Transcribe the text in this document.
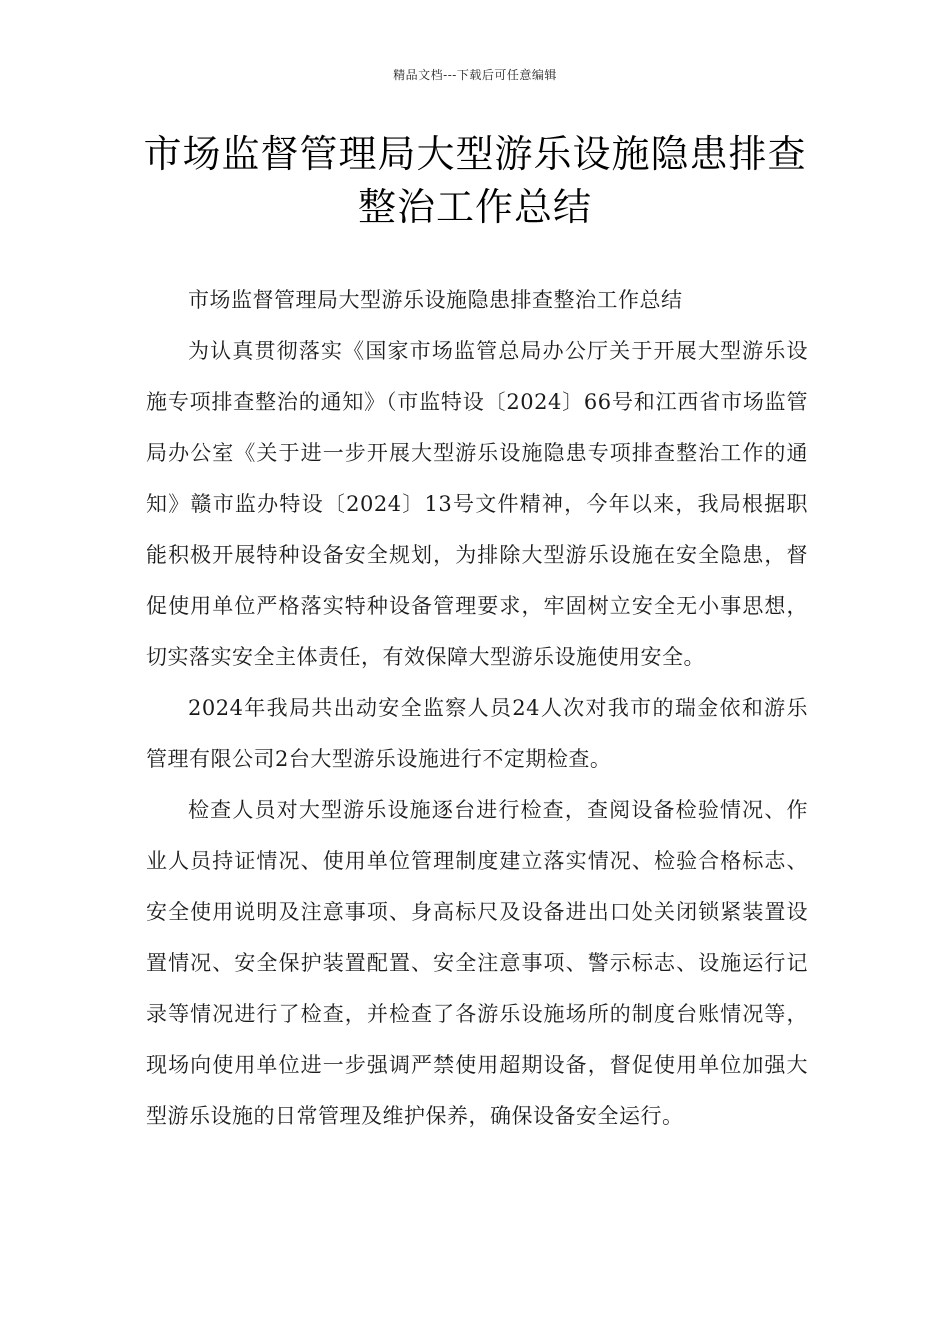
精品文档---下载后可任意编辑
市场监督管理局大型游乐设施隐患排查
整治工作总结

市场监督管理局大型游乐设施隐患排查整治工作总结

为认真贯彻落实《国家市场监管总局办公厅关于开展大型游乐设施专项排查整治的通知》（市监特设〔2024〕66号和江西省市场监管局办公室《关于进一步开展大型游乐设施隐患专项排查整治工作的通知》赣市监办特设〔2024〕13号文件精神，今年以来，我局根据职能积极开展特种设备安全规划，为排除大型游乐设施在安全隐患，督促使用单位严格落实特种设备管理要求，牢固树立安全无小事思想，切实落实安全主体责任，有效保障大型游乐设施使用安全。

2024年我局共出动安全监察人员24人次对我市的瑞金依和游乐管理有限公司2台大型游乐设施进行不定期检查。

检查人员对大型游乐设施逐台进行检查，查阅设备检验情况、作业人员持证情况、使用单位管理制度建立落实情况、检验合格标志、安全使用说明及注意事项、身高标尺及设备进出口处关闭锁紧装置设置情况、安全保护装置配置、安全注意事项、警示标志、设施运行记录等情况进行了检查，并检查了各游乐设施场所的制度台账情况等，现场向使用单位进一步强调严禁使用超期设备，督促使用单位加强大型游乐设施的日常管理及维护保养，确保设备安全运行。
